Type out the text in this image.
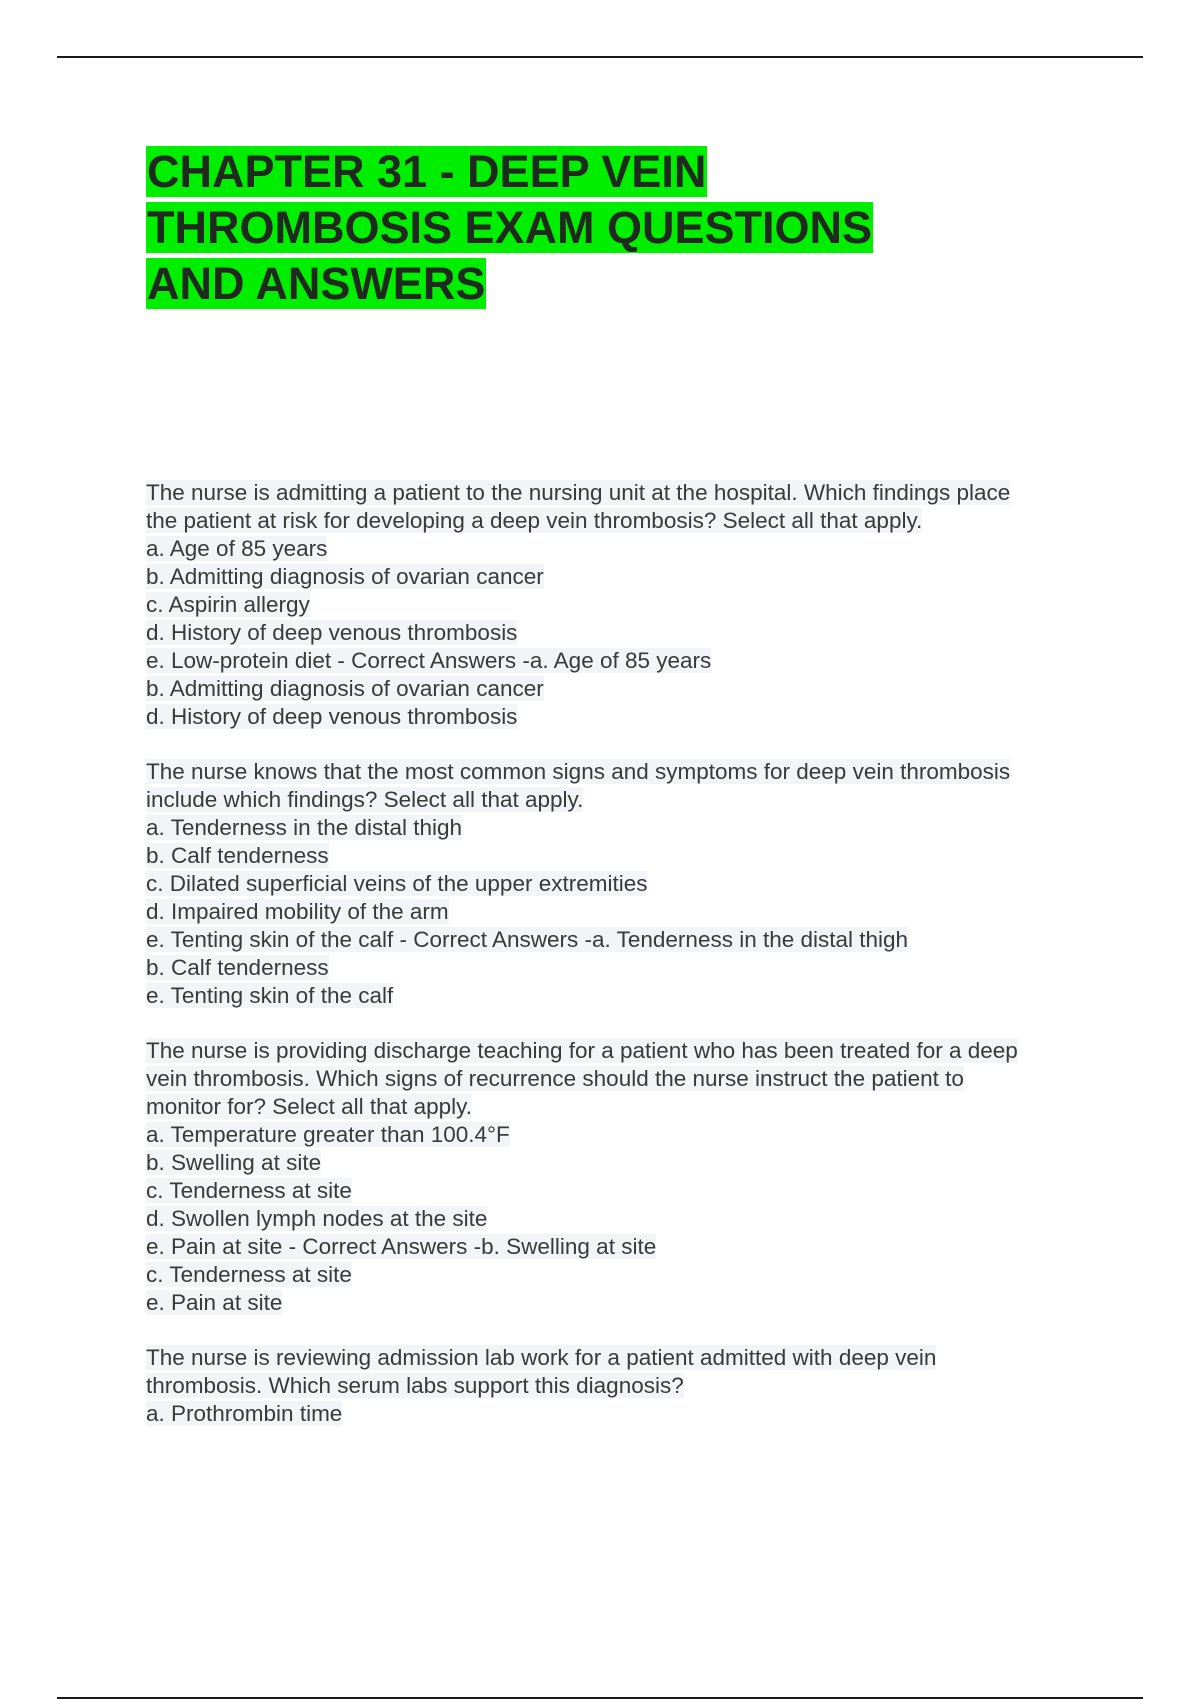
CHAPTER 31 - DEEP VEIN
THROMBOSIS EXAM QUESTIONS
AND ANSWERS
The nurse is admitting a patient to the nursing unit at the hospital. Which findings place
the patient at risk for developing a deep vein thrombosis? Select all that apply.
a. Age of 85 years
b. Admitting diagnosis of ovarian cancer
c. Aspirin allergy
d. History of deep venous thrombosis
e. Low-protein diet - Correct Answers -a. Age of 85 years
b. Admitting diagnosis of ovarian cancer
d. History of deep venous thrombosis
The nurse knows that the most common signs and symptoms for deep vein thrombosis
include which findings? Select all that apply.
a. Tenderness in the distal thigh
b. Calf tenderness
c. Dilated superficial veins of the upper extremities
d. Impaired mobility of the arm
e. Tenting skin of the calf - Correct Answers -a. Tenderness in the distal thigh
b. Calf tenderness
e. Tenting skin of the calf
The nurse is providing discharge teaching for a patient who has been treated for a deep
vein thrombosis. Which signs of recurrence should the nurse instruct the patient to
monitor for? Select all that apply.
a. Temperature greater than 100.4°F
b. Swelling at site
c. Tenderness at site
d. Swollen lymph nodes at the site
e. Pain at site - Correct Answers -b. Swelling at site
c. Tenderness at site
e. Pain at site
The nurse is reviewing admission lab work for a patient admitted with deep vein
thrombosis. Which serum labs support this diagnosis?
a. Prothrombin time
